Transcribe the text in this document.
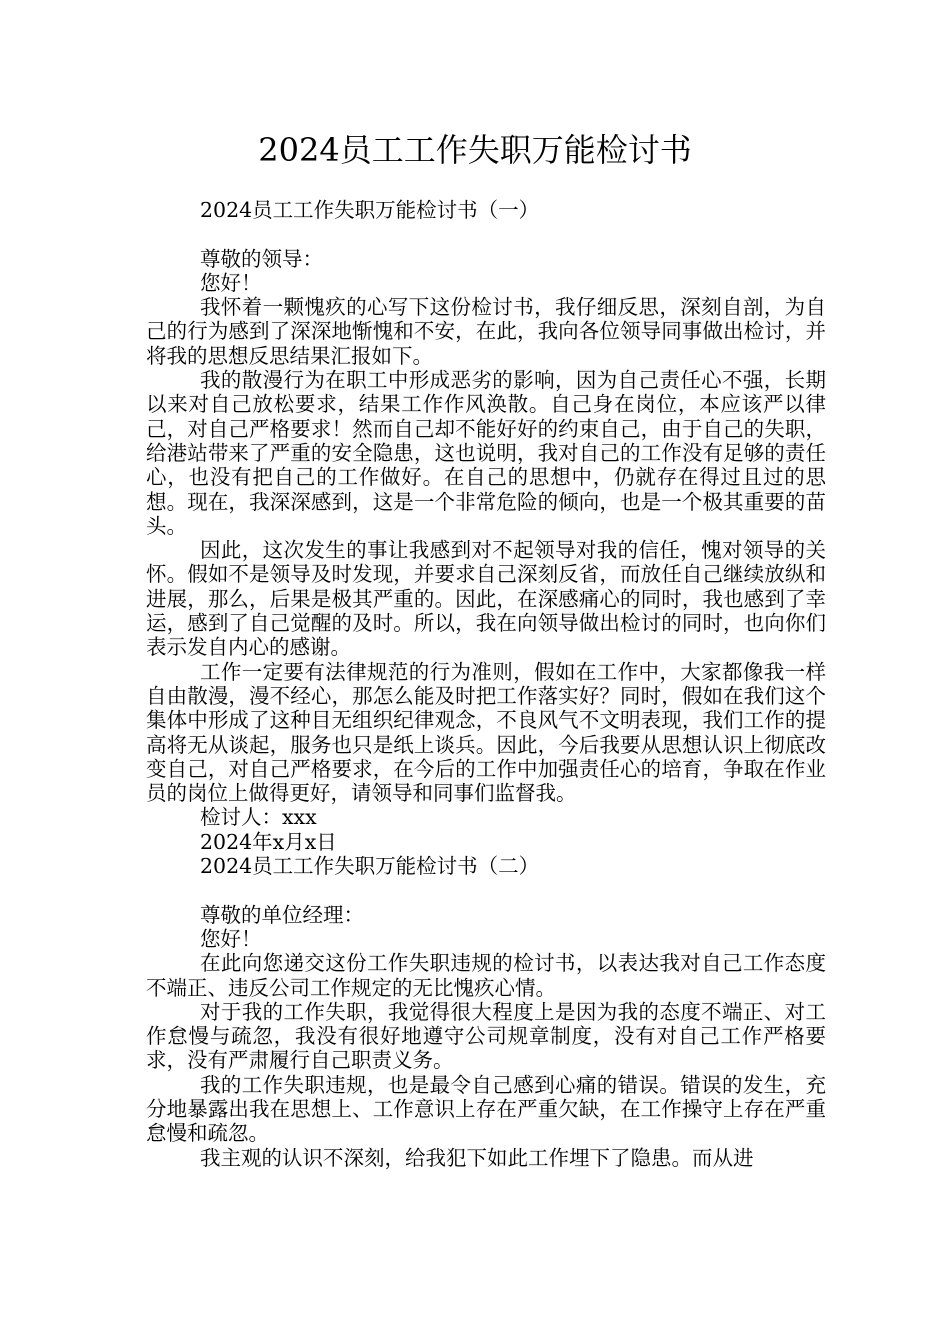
2024员工工作失职万能检讨书

2024员工工作失职万能检讨书（一）

尊敬的领导：

您好！

我怀着一颗愧疚的心写下这份检讨书，我仔细反思，深刻自剖，为自己的行为感到了深深地惭愧和不安，在此，我向各位领导同事做出检讨，并将我的思想反思结果汇报如下。

我的散漫行为在职工中形成恶劣的影响，因为自己责任心不强，长期以来对自己放松要求，结果工作作风涣散。自己身在岗位，本应该严以律己，对自己严格要求！然而自己却不能好好的约束自己，由于自己的失职，给港站带来了严重的安全隐患，这也说明，我对自己的工作没有足够的责任心，也没有把自己的工作做好。在自己的思想中，仍就存在得过且过的思想。现在，我深深感到，这是一个非常危险的倾向，也是一个极其重要的苗头。

因此，这次发生的事让我感到对不起领导对我的信任，愧对领导的关怀。假如不是领导及时发现，并要求自己深刻反省，而放任自己继续放纵和进展，那么，后果是极其严重的。因此，在深感痛心的同时，我也感到了幸运，感到了自己觉醒的及时。所以，我在向领导做出检讨的同时，也向你们表示发自内心的感谢。

工作一定要有法律规范的行为准则，假如在工作中，大家都像我一样自由散漫，漫不经心，那怎么能及时把工作落实好？同时，假如在我们这个集体中形成了这种目无组织纪律观念，不良风气不文明表现，我们工作的提高将无从谈起，服务也只是纸上谈兵。因此，今后我要从思想认识上彻底改变自己，对自己严格要求，在今后的工作中加强责任心的培育，争取在作业员的岗位上做得更好，请领导和同事们监督我。

检讨人：xxx

2024年x月x日

2024员工工作失职万能检讨书（二）

尊敬的单位经理：

您好！

在此向您递交这份工作失职违规的检讨书，以表达我对自己工作态度不端正、违反公司工作规定的无比愧疚心情。

对于我的工作失职，我觉得很大程度上是因为我的态度不端正、对工作怠慢与疏忽，我没有很好地遵守公司规章制度，没有对自己工作严格要求，没有严肃履行自己职责义务。

我的工作失职违规，也是最令自己感到心痛的错误。错误的发生，充分地暴露出我在思想上、工作意识上存在严重欠缺，在工作操守上存在严重怠慢和疏忽。

我主观的认识不深刻，给我犯下如此工作埋下了隐患。而从进
